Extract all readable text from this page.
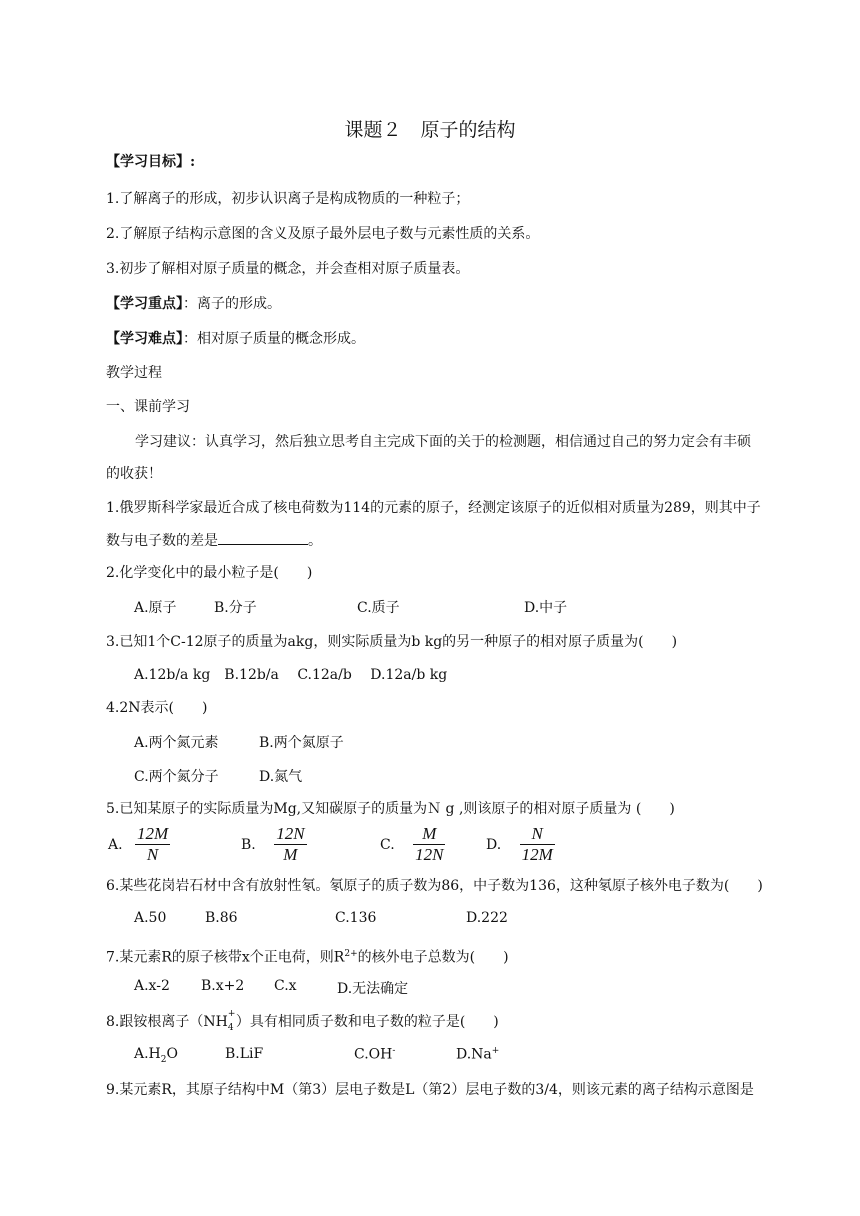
课题２　原子的结构
【学习目标】:
1.了解离子的形成，初步认识离子是构成物质的一种粒子；
2.了解原子结构示意图的含义及原子最外层电子数与元素性质的关系。
3.初步了解相对原子质量的概念，并会查相对原子质量表。
【学习重点】：离子的形成。
【学习难点】：相对原子质量的概念形成。
教学过程
一、课前学习
学习建议：认真学习，然后独立思考自主完成下面的关于的检测题，相信通过自己的努力定会有丰硕
的收获！
1.俄罗斯科学家最近合成了核电荷数为114的元素的原子，经测定该原子的近似相对质量为289，则其中子
数与电子数的差是	。
2.化学变化中的最小粒子是(　　)
A.原子	B.分子	C.质子	D.中子
3.已知1个C-12原子的质量为akg，则实际质量为b kg的另一种原子的相对原子质量为(　　)
A.12b/a kg　B.12b/a　 C.12a/b　 D.12a/b kg
4.2N表示(　　)
A.两个氮元素	B.两个氮原子
C.两个氮分子	D.氮气
5.已知某原子的实际质量为Mg,又知碳原子的质量为Ｎ g ,则该原子的相对原子质量为 (　　)
A. $\frac{12M}{N}$	B. $\frac{12N}{M}$	C. $\frac{M}{12N}$	D. $\frac{N}{12M}$
6.某些花岗岩石材中含有放射性氡。氡原子的质子数为86，中子数为136，这种氡原子核外电子数为(　　)
A.50	B.86	C.136	D.222
7.某元素R的原子核带x个正电荷，则$R^{2+}$的核外电子总数为(　　)
A.x-2 B.x+2 C.x	D.无法确定
8.跟铵根离子（NH +
4 ）具有相同质子数和电子数的粒子是(　　)
$A.H_2O$	B.LiF	C.OH-	D.Na+
9.某元素R，其原子结构中M（第3）层电子数是L（第2）层电子数的3/4，则该元素的离子结构示意图是
